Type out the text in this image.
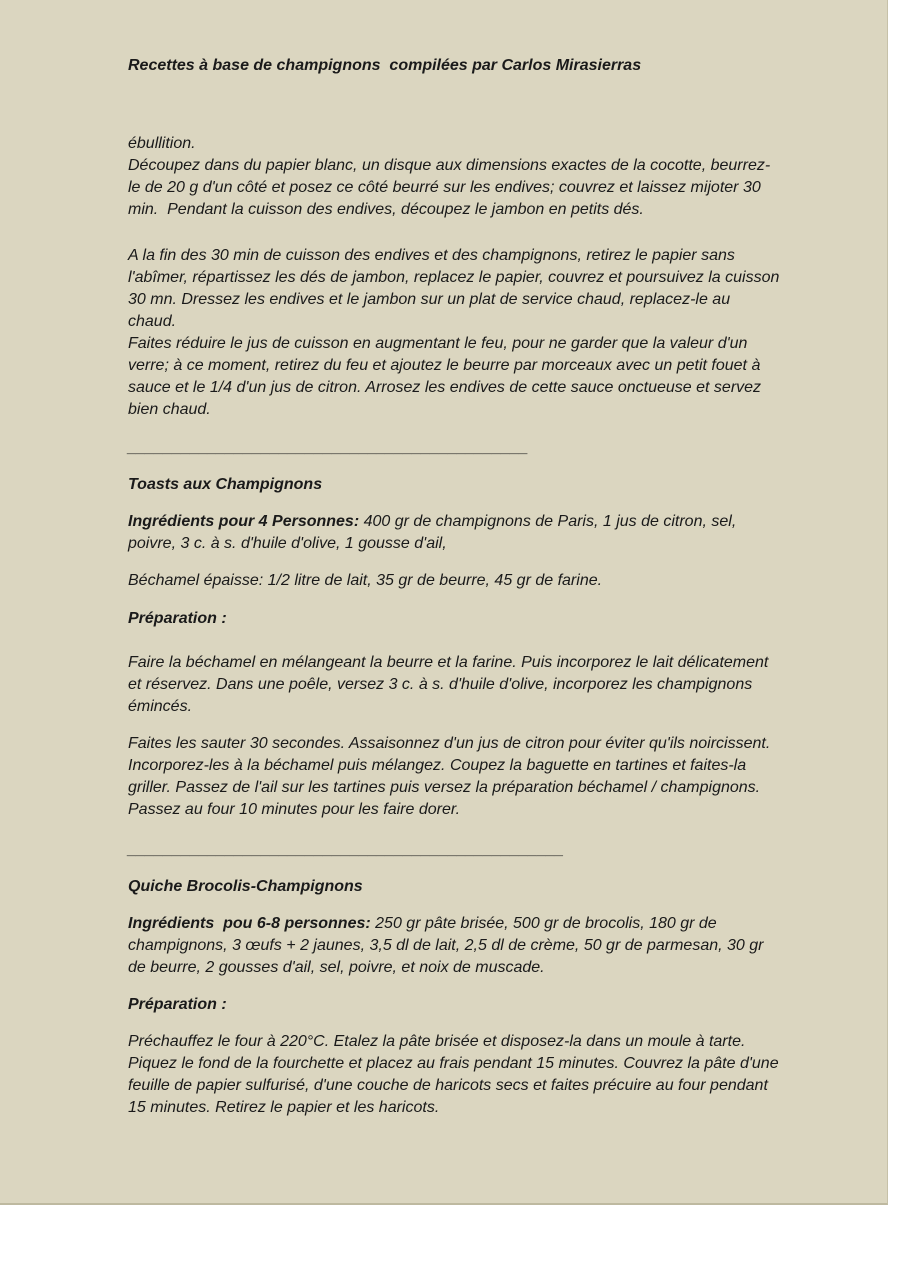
Recettes à base de champignons  compilées par Carlos Mirasierras
ébullition.
Découpez dans du papier blanc, un disque aux dimensions exactes de la cocotte, beurrez-le de 20 g d'un côté et posez ce côté beurré sur les endives; couvrez et laissez mijoter 30 min.  Pendant la cuisson des endives, découpez le jambon en petits dés.
A la fin des 30 min de cuisson des endives et des champignons, retirez le papier sans l'abîmer, répartissez les dés de jambon, replacez le papier, couvrez et poursuivez la cuisson 30 mn. Dressez les endives et le jambon sur un plat de service chaud, replacez-le au chaud.
Faites réduire le jus de cuisson en augmentant le feu, pour ne garder que la valeur d'un verre; à ce moment, retirez du feu et ajoutez le beurre par morceaux avec un petit fouet à sauce et le 1/4 d'un jus de citron. Arrosez les endives de cette sauce onctueuse et servez bien chaud.
_____________________________________________
Toasts aux Champignons

Ingrédients pour 4 Personnes: 400 gr de champignons de Paris, 1 jus de citron, sel, poivre, 3 c. à s. d'huile d'olive, 1 gousse d'ail,

Béchamel épaisse: 1/2 litre de lait, 35 gr de beurre, 45 gr de farine.

Préparation :

Faire la béchamel en mélangeant la beurre et la farine. Puis incorporez le lait délicatement et réservez. Dans une poêle, versez 3 c. à s. d'huile d'olive, incorporez les champignons émincés.

Faites les sauter 30 secondes. Assaisonnez d'un jus de citron pour éviter qu'ils noircissent. Incorporez-les à la béchamel puis mélangez. Coupez la baguette en tartines et faites-la griller. Passez de l'ail sur les tartines puis versez la préparation béchamel / champignons. Passez au four 10 minutes pour les faire dorer.

_________________________________________________
Quiche Brocolis-Champignons

Ingrédients  pou 6-8 personnes: 250 gr pâte brisée, 500 gr de brocolis, 180 gr de champignons, 3 œufs + 2 jaunes, 3,5 dl de lait, 2,5 dl de crème, 50 gr de parmesan, 30 gr de beurre, 2 gousses d'ail, sel, poivre, et noix de muscade.

Préparation :

Préchauffez le four à 220°C. Etalez la pâte brisée et disposez-la dans un moule à tarte. Piquez le fond de la fourchette et placez au frais pendant 15 minutes. Couvrez la pâte d'une feuille de papier sulfurisé, d'une couche de haricots secs et faites précuire au four pendant 15 minutes. Retirez le papier et les haricots.
